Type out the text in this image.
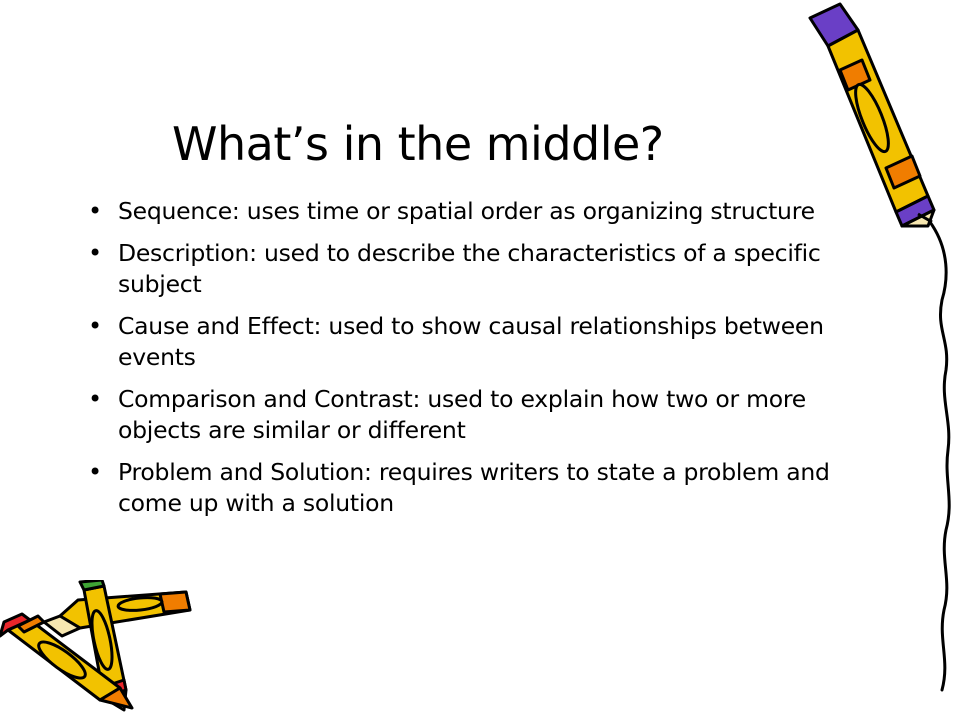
What’s in the middle?
• Sequence: uses time or spatial order as organizing structure
• Description: used to describe the characteristics of a specific subject
• Cause and Effect: used to show causal relationships between events
• Comparison and Contrast: used to explain how two or more objects are similar or different
• Problem and Solution: requires writers to state a problem and come up with a solution
